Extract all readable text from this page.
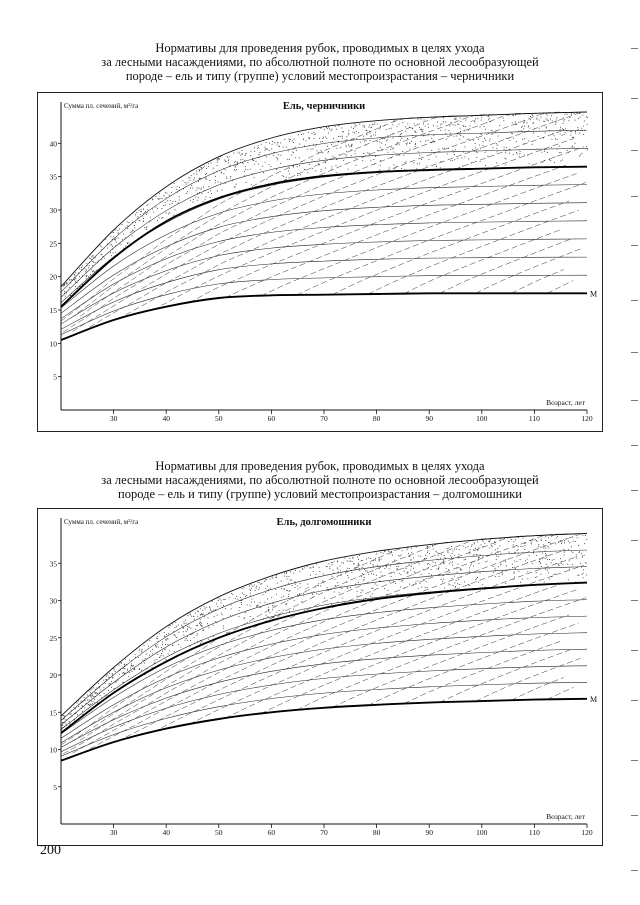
Нормативы для проведения рубок, проводимых в целях ухода
за лесными насаждениями, по абсолютной полноте по основной лесообразующей
породе – ель и типу (группе) условий местопроизрастания – черничники
30	40	50	60	70	80	90	100	110	120
5
10
15
20
25
30
35
40
Ель, черничники
Сумма пл. сечений, м²/га
Возраст, лет
M
Нормативы для проведения рубок, проводимых в целях ухода
за лесными насаждениями, по абсолютной полноте по основной лесообразующей
породе – ель и типу (группе) условий местопроизрастания – долгомошники
30	40	50	60	70	80	90	100	110	120
5
10
15
20
25
30
35
Ель, долгомошники
Сумма пл. сечений, м²/га
Возраст, лет
M
200
